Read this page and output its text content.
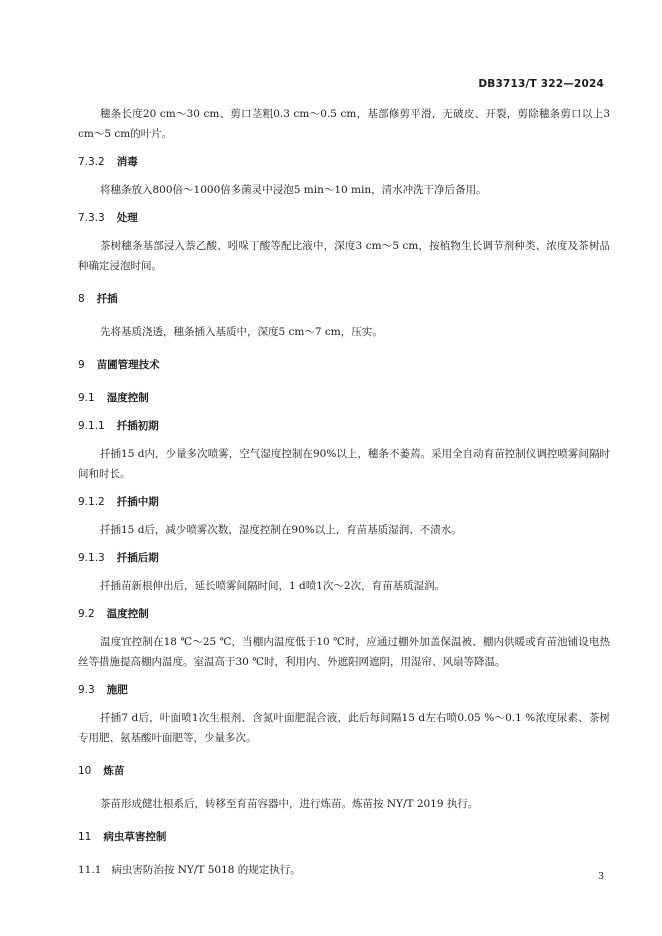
DB3713/T 322—2024

穗条长度20 cm～30 cm、剪口茎粗0.3 cm～0.5 cm，基部修剪平滑，无破皮、开裂，剪除穗条剪口以上3 cm～5 cm的叶片。

7.3.2 消毒

将穗条放入800倍～1000倍多菌灵中浸泡5 min～10 min，清水冲洗干净后备用。

7.3.3 处理

茶树穗条基部浸入萘乙酸、吲哚丁酸等配比液中，深度3 cm～5 cm，按植物生长调节剂种类、浓度及茶树品种确定浸泡时间。

8 扦插

先将基质浇透，穗条插入基质中，深度5 cm～7 cm，压实。

9 苗圃管理技术

9.1 湿度控制

9.1.1 扦插初期

扦插15 d内，少量多次喷雾，空气湿度控制在90%以上，穗条不萎蔫。采用全自动育苗控制仪调控喷雾间隔时间和时长。

9.1.2 扦插中期

扦插15 d后，减少喷雾次数，湿度控制在90%以上，育苗基质湿润、不渍水。

9.1.3 扦插后期

扦插苗新根伸出后，延长喷雾间隔时间，1 d喷1次～2次，育苗基质湿润。

9.2 温度控制

温度宜控制在18 ℃～25 ℃，当棚内温度低于10 ℃时，应通过棚外加盖保温被、棚内供暖或育苗池铺设电热丝等措施提高棚内温度。室温高于30 ℃时，利用内、外遮阳网遮阴，用湿帘、风扇等降温。

9.3 施肥

扦插7 d后，叶面喷1次生根剂、含氮叶面肥混合液，此后每间隔15 d左右喷0.05 %～0.1 %浓度尿素、茶树专用肥、氨基酸叶面肥等，少量多次。

10 炼苗

茶苗形成健壮根系后，转移至育苗容器中，进行炼苗。炼苗按 NY/T 2019 执行。

11 病虫草害控制

11.1 病虫害防治按 NY/T 5018 的规定执行。

3
